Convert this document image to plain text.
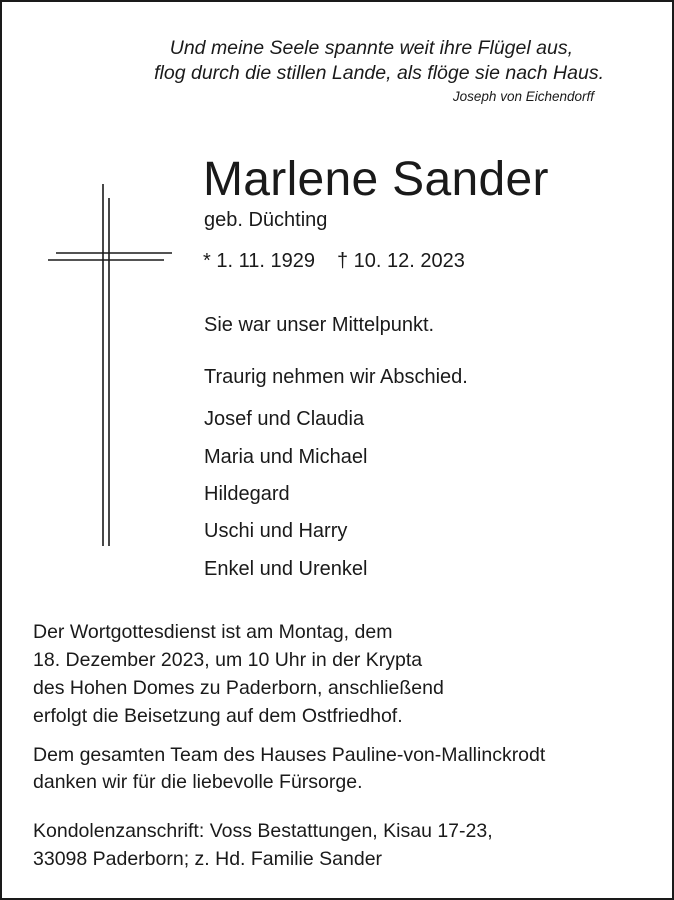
Und meine Seele spannte weit ihre Flügel aus,
flog durch die stillen Lande, als flöge sie nach Haus.
Joseph von Eichendorff
Marlene Sander
geb. Düchting
* 1. 11. 1929 † 10. 12. 2023
Sie war unser Mittelpunkt.
Traurig nehmen wir Abschied.
Josef und Claudia
Maria und Michael
Hildegard
Uschi und Harry
Enkel und Urenkel
Der Wortgottesdienst ist am Montag, dem
18. Dezember 2023, um 10 Uhr in der Krypta
des Hohen Domes zu Paderborn, anschließend
erfolgt die Beisetzung auf dem Ostfriedhof.
Dem gesamten Team des Hauses Pauline-von-Mallinckrodt
danken wir für die liebevolle Fürsorge.
Kondolenzanschrift: Voss Bestattungen, Kisau 17-23,
33098 Paderborn; z. Hd. Familie Sander
